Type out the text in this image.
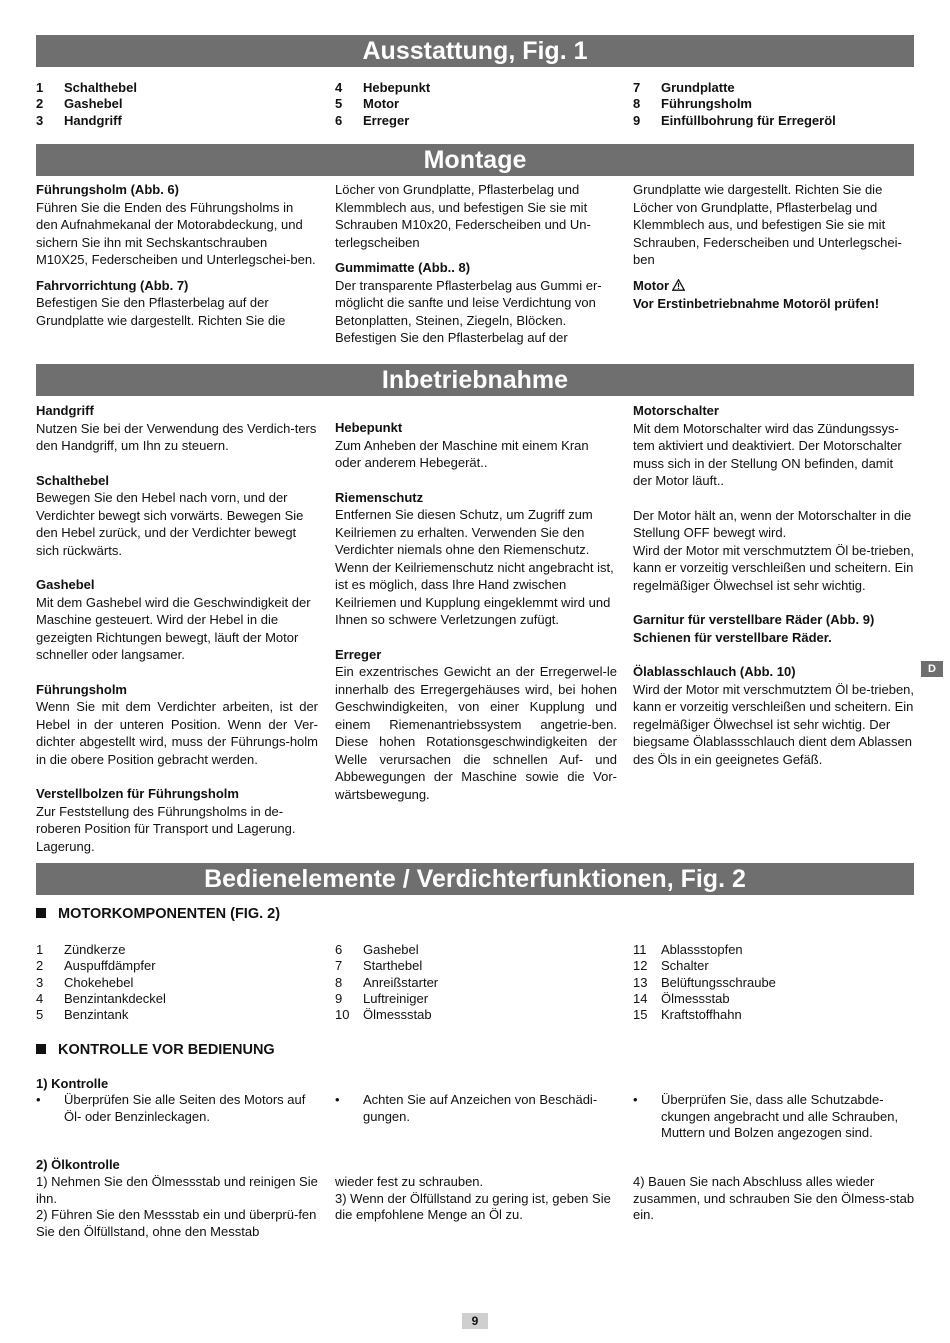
Ausstattung, Fig. 1
Montage
Inbetriebnahme
Bedienelemente / Verdichterfunktionen, Fig. 2
1	Schalthebel
2	Gashebel
3	Handgriff
4	Hebepunkt
5	Motor
6	Erreger
7	Grundplatte
8	Führungsholm
9	Einfüllbohrung für Erregeröl
Führungsholm (Abb. 6)
Führen Sie die Enden des Führungsholms in den Aufnahmekanal der Motorabdeckung, und sichern Sie ihn mit Sechskantschrauben M10X25, Federscheiben und Unterlegschei-ben.
Fahrvorrichtung (Abb. 7)
Befestigen Sie den Pflasterbelag auf der Grundplatte wie dargestellt. Richten Sie die
Löcher von Grundplatte, Pflasterbelag und Klemmblech aus, und befestigen Sie sie mit Schrauben M10x20, Federscheiben und Un-terlegscheiben
Gummimatte (Abb.. 8)
Der transparente Pflasterbelag aus Gummi er-möglicht die sanfte und leise Verdichtung von Betonplatten, Steinen, Ziegeln, Blöcken. Befestigen Sie den Pflasterbelag auf der
Grundplatte wie dargestellt. Richten Sie die Löcher von Grundplatte, Pflasterbelag und Klemmblech aus, und befestigen Sie sie mit Schrauben, Federscheiben und Unterlegschei-ben
Motor
Vor Erstinbetriebnahme Motoröl prüfen!
Handgriff
Nutzen Sie bei der Verwendung des Verdich-ters den Handgriff, um Ihn zu steuern.
Schalthebel
Bewegen Sie den Hebel nach vorn, und der Verdichter bewegt sich vorwärts. Bewegen Sie den Hebel zurück, und der Verdichter bewegt sich rückwärts.
Gashebel
Mit dem Gashebel wird die Geschwindigkeit der Maschine gesteuert. Wird der Hebel in die gezeigten Richtungen bewegt, läuft der Motor schneller oder langsamer.
Führungsholm
Wenn Sie mit dem Verdichter arbeiten, ist der Hebel in der unteren Position. Wenn der Ver-dichter abgestellt wird, muss der Führungs-holm in die obere Position gebracht werden.
Verstellbolzen für Führungsholm
Zur Feststellung des Führungsholms in de-roberen Position für Transport und Lagerung. Lagerung.
Hebepunkt
Zum Anheben der Maschine mit einem Kran oder anderem Hebegerät..
Riemenschutz
Entfernen Sie diesen Schutz, um Zugriff zum Keilriemen zu erhalten. Verwenden Sie den Verdichter niemals ohne den Riemenschutz. Wenn der Keilriemenschutz nicht angebracht ist, ist es möglich, dass Ihre Hand zwischen Keilriemen und Kupplung eingeklemmt wird und Ihnen so schwere Verletzungen zufügt.
Erreger
Ein exzentrisches Gewicht an der Erregerwel-le innerhalb des Erregergehäuses wird, bei hohen Geschwindigkeiten, von einer Kupplung und einem Riemenantriebssystem angetrie-ben. Diese hohen Rotationsgeschwindigkeiten der Welle verursachen die schnellen Auf- und Abbewegungen der Maschine sowie die Vor-wärtsbewegung.
Motorschalter
Mit dem Motorschalter wird das Zündungssys-tem aktiviert und deaktiviert. Der Motorschalter muss sich in der Stellung ON befinden, damit der Motor läuft..
Der Motor hält an, wenn der Motorschalter in die Stellung OFF bewegt wird.
Wird der Motor mit verschmutztem Öl be-trieben, kann er vorzeitig verschleißen und scheitern. Ein regelmäßiger Ölwechsel ist sehr wichtig.
Garnitur für verstellbare Räder (Abb. 9)
Schienen für verstellbare Räder.
Ölablasschlauch (Abb. 10)
Wird der Motor mit verschmutztem Öl be-trieben, kann er vorzeitig verschleißen und scheitern. Ein regelmäßiger Ölwechsel ist sehr wichtig. Der biegsame Ölablassschlauch dient dem Ablassen des Öls in ein geeignetes Gefäß.
D
MOTORKOMPONENTEN (FIG. 2)
1	Zündkerze
2	Auspuffdämpfer
3	Chokehebel
4	Benzintankdeckel
5	Benzintank
6	Gashebel
7	Starthebel
8	Anreißstarter
9	Luftreiniger
10	Ölmessstab
11	Ablassstopfen
12	Schalter
13	Belüftungsschraube
14	Ölmessstab
15	Kraftstoffhahn
KONTROLLE VOR BEDIENUNG
1) Kontrolle
• Überprüfen Sie alle Seiten des Motors auf Öl- oder Benzinleckagen.
• Achten Sie auf Anzeichen von Beschädi-gungen.
• Überprüfen Sie, dass alle Schutzabde-ckungen angebracht und alle Schrauben, Muttern und Bolzen angezogen sind.
2) Ölkontrolle
1) Nehmen Sie den Ölmessstab und reinigen Sie ihn.
2) Führen Sie den Messstab ein und überprü-fen Sie den Ölfüllstand, ohne den Messtab
wieder fest zu schrauben.
3) Wenn der Ölfüllstand zu gering ist, geben Sie die empfohlene Menge an Öl zu.
4) Bauen Sie nach Abschluss alles wieder zusammen, und schrauben Sie den Ölmess-stab ein.
9
